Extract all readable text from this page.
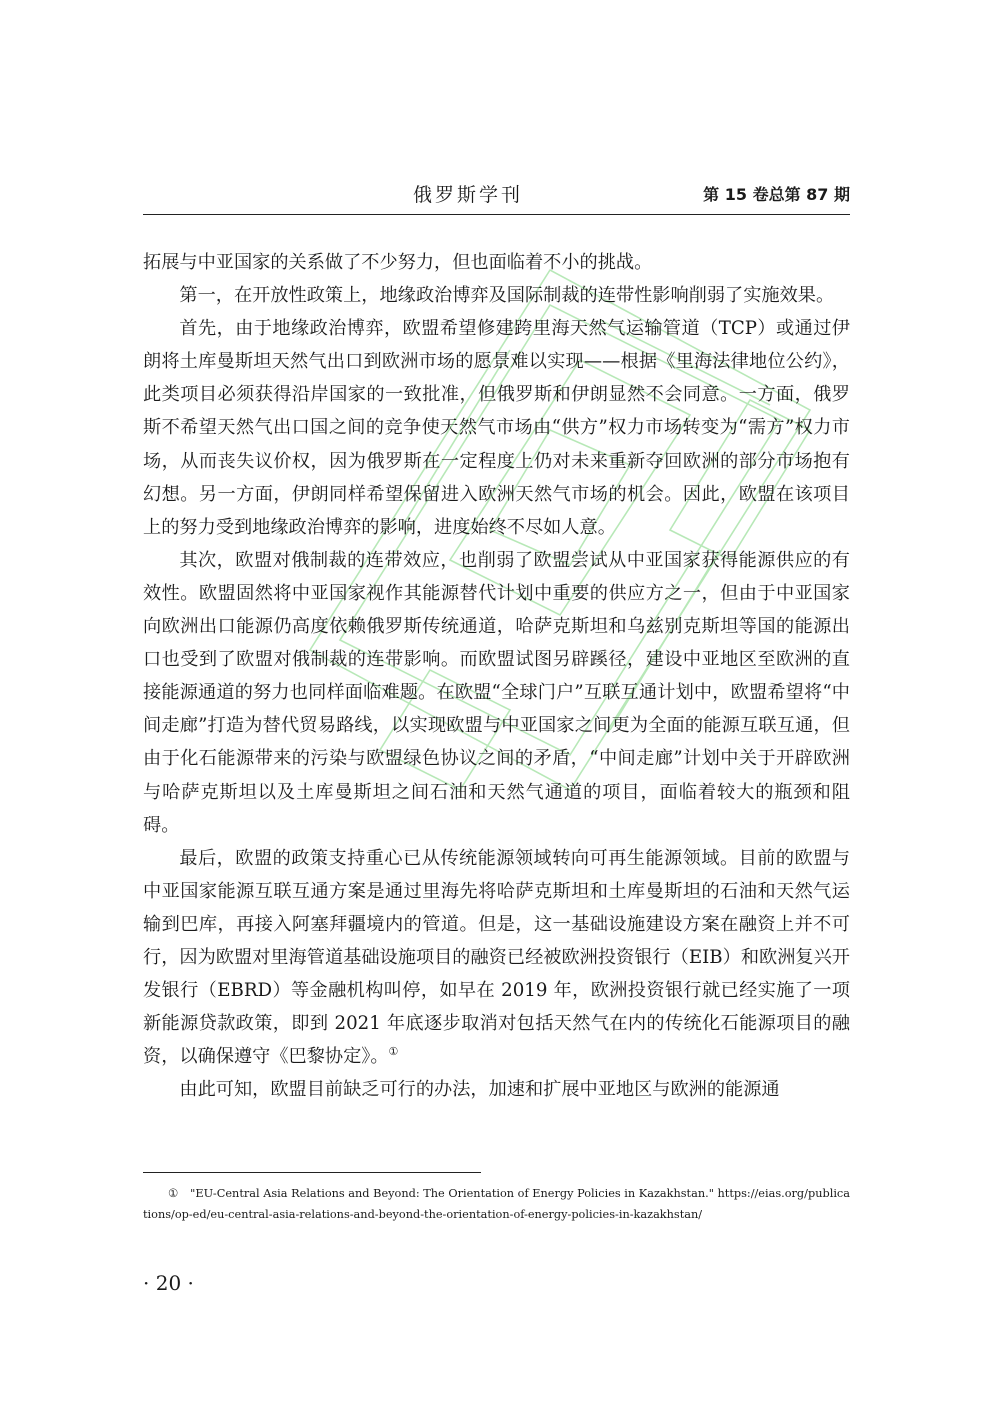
俄罗斯学刊	第 15 卷总第 87 期

拓展与中亚国家的关系做了不少努力，但也面临着不小的挑战。

第一，在开放性政策上，地缘政治博弈及国际制裁的连带性影响削弱了实施效果。

首先，由于地缘政治博弈，欧盟希望修建跨里海天然气运输管道（TCP）或通过伊朗将土库曼斯坦天然气出口到欧洲市场的愿景难以实现——根据《里海法律地位公约》，此类项目必须获得沿岸国家的一致批准，但俄罗斯和伊朗显然不会同意。一方面，俄罗斯不希望天然气出口国之间的竞争使天然气市场由“供方”权力市场转变为“需方”权力市场，从而丧失议价权，因为俄罗斯在一定程度上仍对未来重新夺回欧洲的部分市场抱有幻想。另一方面，伊朗同样希望保留进入欧洲天然气市场的机会。因此，欧盟在该项目上的努力受到地缘政治博弈的影响，进度始终不尽如人意。

其次，欧盟对俄制裁的连带效应，也削弱了欧盟尝试从中亚国家获得能源供应的有效性。欧盟固然将中亚国家视作其能源替代计划中重要的供应方之一，但由于中亚国家向欧洲出口能源仍高度依赖俄罗斯传统通道，哈萨克斯坦和乌兹别克斯坦等国的能源出口也受到了欧盟对俄制裁的连带影响。而欧盟试图另辟蹊径，建设中亚地区至欧洲的直接能源通道的努力也同样面临难题。在欧盟“全球门户”互联互通计划中，欧盟希望将“中间走廊”打造为替代贸易路线，以实现欧盟与中亚国家之间更为全面的能源互联互通，但由于化石能源带来的污染与欧盟绿色协议之间的矛盾，“中间走廊”计划中关于开辟欧洲与哈萨克斯坦以及土库曼斯坦之间石油和天然气通道的项目，面临着较大的瓶颈和阻碍。

最后，欧盟的政策支持重心已从传统能源领域转向可再生能源领域。目前的欧盟与中亚国家能源互联互通方案是通过里海先将哈萨克斯坦和土库曼斯坦的石油和天然气运输到巴库，再接入阿塞拜疆境内的管道。但是，这一基础设施建设方案在融资上并不可行，因为欧盟对里海管道基础设施项目的融资已经被欧洲投资银行（EIB）和欧洲复兴开发银行（EBRD）等金融机构叫停，如早在 2019 年，欧洲投资银行就已经实施了一项新能源贷款政策，即到 2021 年底逐步取消对包括天然气在内的传统化石能源项目的融资，以确保遵守《巴黎协定》。①

由此可知，欧盟目前缺乏可行的办法，加速和扩展中亚地区与欧洲的能源通

① "EU-Central Asia Relations and Beyond: The Orientation of Energy Policies in Kazakhstan." https://eias.org/publications/op-ed/eu-central-asia-relations-and-beyond-the-orientation-of-energy-policies-in-kazakhstan/
· 20 ·
